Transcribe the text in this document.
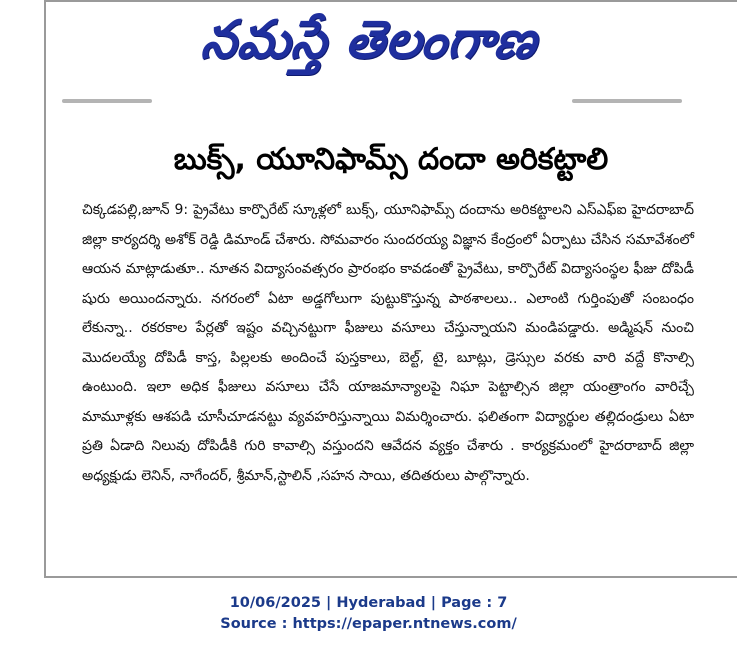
నమస్తే తెలంగాణ
బుక్స్, యూనిఫామ్స్ దందా అరికట్టాలి

చిక్కడపల్లి,జూన్ 9: ప్రైవేటు కార్పొరేట్ స్కూళ్లలో బుక్స్, యూనిఫామ్స్ దందాను అరికట్టాలని ఎస్ఎఫ్ఐ హైదరాబాద్ జిల్లా కార్యదర్శి అశోక్ రెడ్డి డిమాండ్ చేశారు. సోమవారం సుందరయ్య విజ్ఞాన కేంద్రంలో ఏర్పాటు చేసిన సమావేశంలో ఆయన మాట్లాడుతూ.. నూతన విద్యాసంవత్సరం ప్రారంభం కావడంతో ప్రైవేటు, కార్పొరేట్ విద్యాసంస్థల ఫీజు దోపిడీ షురు అయిందన్నారు. నగరంలో ఏటా అడ్డగోలుగా పుట్టుకొస్తున్న పాఠశాలలు.. ఎలాంటి గుర్తింపుతో సంబంధం లేకున్నా.. రకరకాల పేర్లతో ఇష్టం వచ్చినట్టుగా ఫీజులు వసూలు చేస్తున్నాయని మండిపడ్డారు. అడ్మిషన్ నుంచి మొదలయ్యే దోపిడీ కాస్త, పిల్లలకు అందించే పుస్తకాలు, బెల్ట్, టై, బూట్లు, డ్రెస్సుల వరకు వారి వద్దే కొనాల్సి ఉంటుంది. ఇలా అధిక ఫీజులు వసూలు చేసే యాజమాన్యాలపై నిఘా పెట్టాల్సిన జిల్లా యంత్రాంగం వారిచ్చే మామూళ్లకు ఆశపడి చూసీచూడనట్టు వ్యవహరిస్తున్నాయి విమర్శించారు. ఫలితంగా విద్యార్థుల తల్లిదండ్రులు ఏటా ప్రతి ఏడాది నిలువు దోపిడీకి గురి కావాల్సి వస్తుందని ఆవేదన వ్యక్తం చేశారు . కార్యక్రమంలో హైదరాబాద్ జిల్లా అధ్యక్షుడు లెనిన్, నాగేందర్, శ్రీమాన్,స్టాలిన్ ,సహన సాయి, తదితరులు పాల్గొన్నారు.

10/06/2025 | Hyderabad | Page : 7
Source : https://epaper.ntnews.com/
